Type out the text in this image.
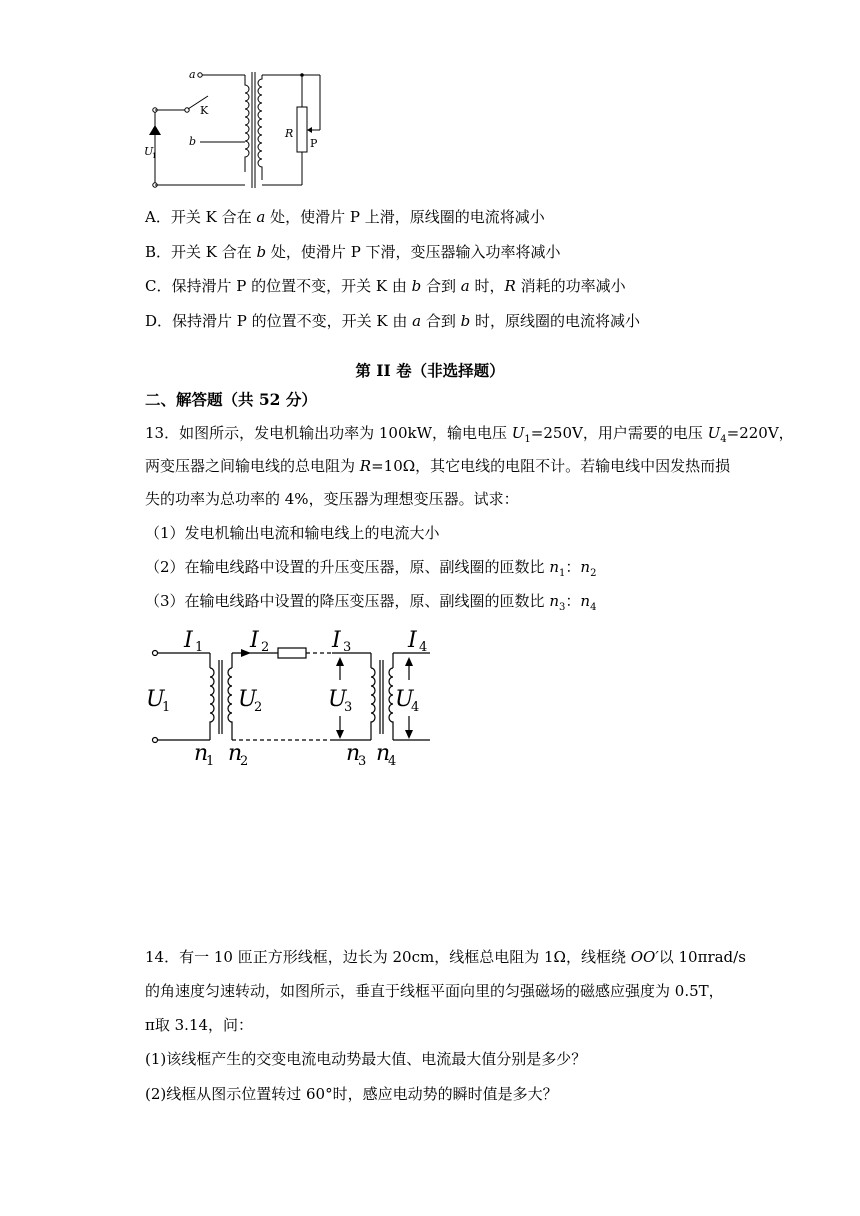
a
b
K
U
1
R
P
A．开关 K 合在 a 处，使滑片 P 上滑，原线圈的电流将减小
B．开关 K 合在 b 处，使滑片 P 下滑，变压器输入功率将减小
C．保持滑片 P 的位置不变，开关 K 由 b 合到 a 时，R 消耗的功率减小
D．保持滑片 P 的位置不变，开关 K 由 a 合到 b 时，原线圈的电流将减小
第 II 卷（非选择题）
二、解答题（共 52 分）
13．如图所示，发电机输出功率为 100kW，输电电压 $U_1=250V$，用户需要的电压 $U_4=220V$，
两变压器之间输电线的总电阻为 R=10Ω，其它电线的电阻不计。若输电线中因发热而损
失的功率为总功率的 4%，变压器为理想变压器。试求：
（1）发电机输出电流和输电线上的电流大小
（2）在输电线路中设置的升压变压器，原、副线圈的匝数比 $n_1$：$n_2$
（3）在输电线路中设置的降压变压器，原、副线圈的匝数比 $n_3$：$n_4$
I	I	I	I
U	U	U U
n n	n n
1	2	3	4
1	2	3	4
1 2	3 4
14．有一 10 匝正方形线框，边长为 20cm，线框总电阻为 1Ω，线框绕 OO′以 10πrad/s
的角速度匀速转动，如图所示，垂直于线框平面向里的匀强磁场的磁感应强度为 0.5T，
π取 3.14，问：
(1)该线框产生的交变电流电动势最大值、电流最大值分别是多少？
(2)线框从图示位置转过 60°时，感应电动势的瞬时值是多大？
